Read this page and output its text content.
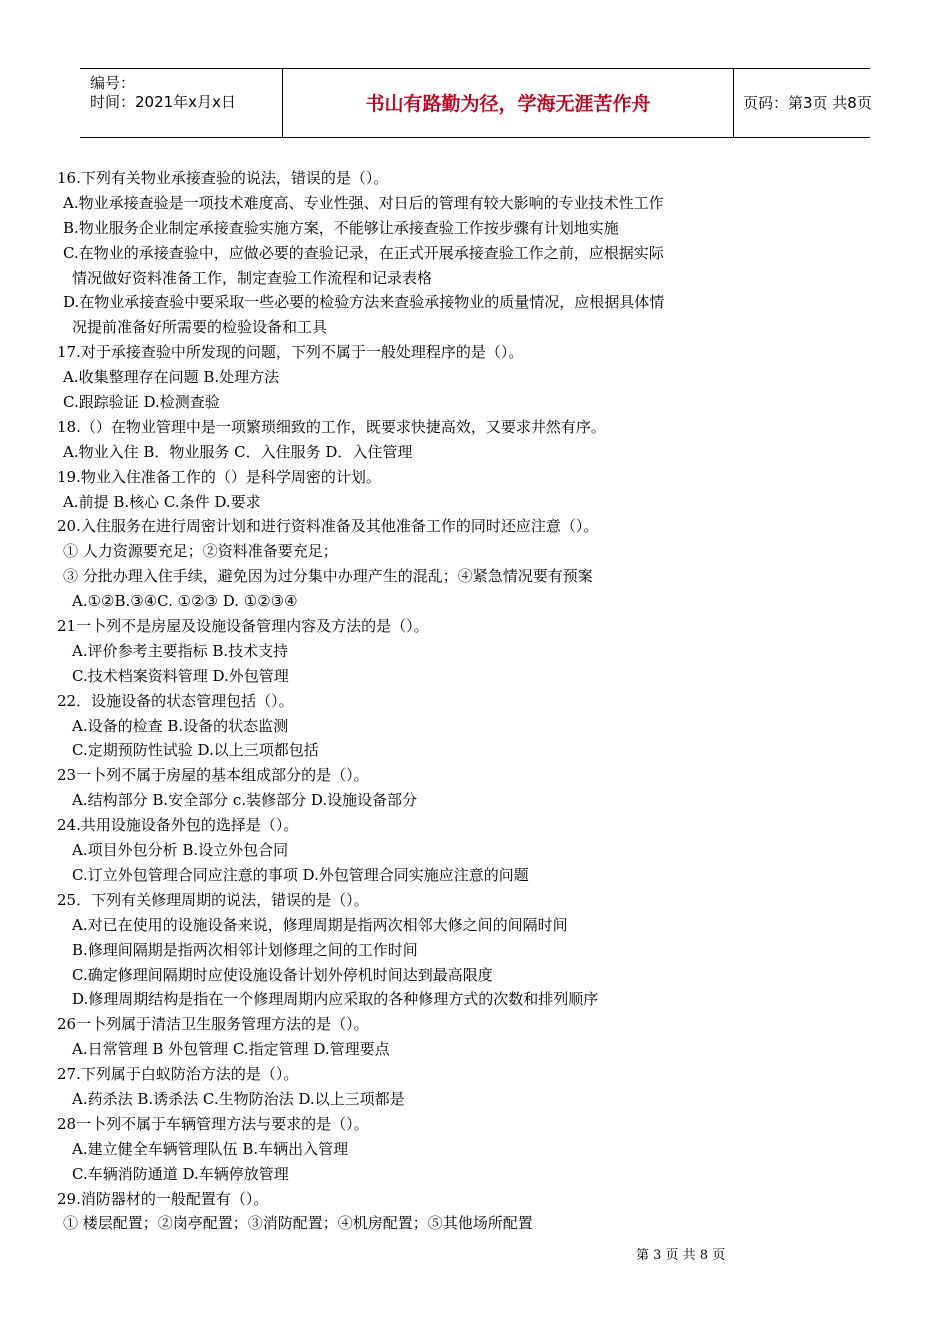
编号：
时间：2021年x月x日	书山有路勤为径，学海无涯苦作舟	页码：第3页 共8页
16.下列有关物业承接查验的说法，错误的是（）。
A.物业承接查验是一项技术难度高、专业性强、对日后的管理有较大影响的专业技术性工作
B.物业服务企业制定承接查验实施方案，不能够让承接查验工作按步骤有计划地实施
C.在物业的承接查验中，应做必要的查验记录，在正式开展承接查验工作之前，应根据实际
情况做好资料准备工作，制定查验工作流程和记录表格
D.在物业承接查验中要采取一些必要的检验方法来查验承接物业的质量情况，应根据具体情
况提前准备好所需要的检验设备和工具
17.对于承接查验中所发现的问题，下列不属于一般处理程序的是（）。
A.收集整理存在问题 B.处理方法
C.跟踪验证 D.检测查验
18.（）在物业管理中是一项繁琐细致的工作，既要求快捷高效，又要求井然有序。
A.物业入住 B．物业服务 C．入住服务 D．入住管理
19.物业入住准备工作的（）是科学周密的计划。
A.前提 B.核心 C.条件 D.要求
20.入住服务在进行周密计划和进行资料准备及其他准备工作的同时还应注意（）。
① 人力资源要充足；②资料准备要充足；
③ 分批办理入住手续，避免因为过分集中办理产生的混乱；④紧急情况要有预案
A.①②B.③④C. ①②③ D. ①②③④
21一卜列不是房屋及设施设备管理内容及方法的是（）。
A.评价参考主要指标 B.技术支持
C.技术档案资料管理 D.外包管理
22．设施设备的状态管理包括（）。
A.设备的检查 B.设备的状态监测
C.定期预防性试验 D.以上三项都包括
23一卜列不属于房屋的基本组成部分的是（）。
A.结构部分 B.安全部分 c.装修部分 D.设施设备部分
24.共用设施设备外包的选择是（）。
A.项目外包分析 B.设立外包合同
C.订立外包管理合同应注意的事项 D.外包管理合同实施应注意的问题
25．下列有关修理周期的说法，错误的是（）。
A.对已在使用的设施设备来说，修理周期是指两次相邻大修之间的间隔时间
B.修理间隔期是指两次相邻计划修理之间的工作时间
C.确定修理间隔期时应使设施设备计划外停机时间达到最高限度
D.修理周期结构是指在一个修理周期内应采取的各种修理方式的次数和排列顺序
26一卜列属于清洁卫生服务管理方法的是（）。
A.日常管理 B 外包管理 C.指定管理 D.管理要点
27.下列属于白蚁防治方法的是（）。
A.药杀法 B.诱杀法 C.生物防治法 D.以上三项都是
28一卜列不属于车辆管理方法与要求的是（）。
A.建立健全车辆管理队伍 B.车辆出入管理
C.车辆消防通道 D.车辆停放管理
29.消防器材的一般配置有（）。
① 楼层配置；②岗亭配置；③消防配置；④机房配置；⑤其他场所配置
第 3 页 共 8 页
